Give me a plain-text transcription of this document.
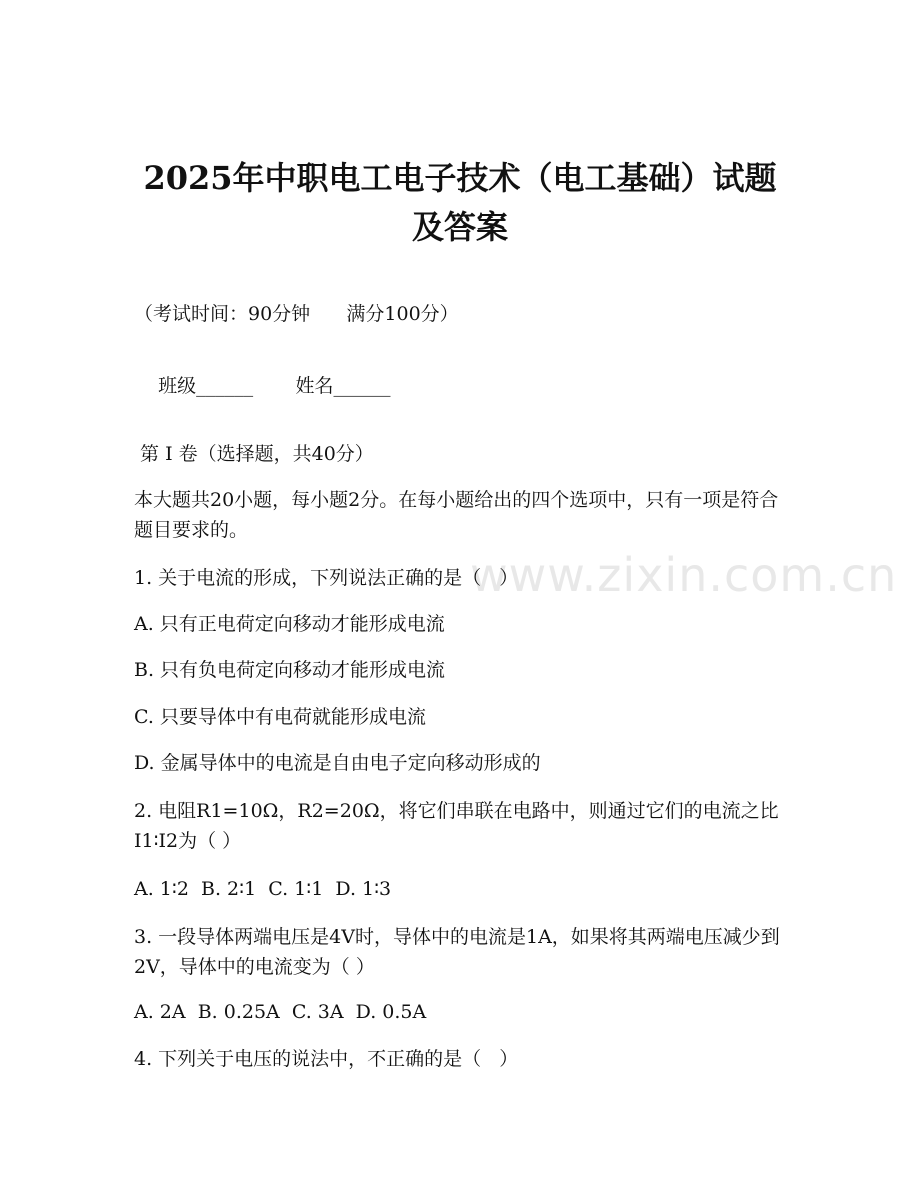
www.zixin.com.cn
2025年中职电工电子技术（电工基础）试题
及答案
（考试时间：90分钟      满分100分）

班级______ 姓名______

第 I 卷（选择题，共40分）
本大题共20小题，每小题2分。在每小题给出的四个选项中，只有一项是符合题目要求的。
1. 关于电流的形成，下列说法正确的是（   ）
A. 只有正电荷定向移动才能形成电流
B. 只有负电荷定向移动才能形成电流
C. 只要导体中有电荷就能形成电流
D. 金属导体中的电流是自由电子定向移动形成的
2. 电阻R1=10Ω，R2=20Ω，将它们串联在电路中，则通过它们的电流之比I1∶I2为（ ）
A. 1∶2  B. 2∶1  C. 1∶1  D. 1∶3
3. 一段导体两端电压是4V时，导体中的电流是1A，如果将其两端电压减少到2V，导体中的电流变为（ ）
A. 2A  B. 0.25A  C. 3A  D. 0.5A
4. 下列关于电压的说法中，不正确的是（   ）
